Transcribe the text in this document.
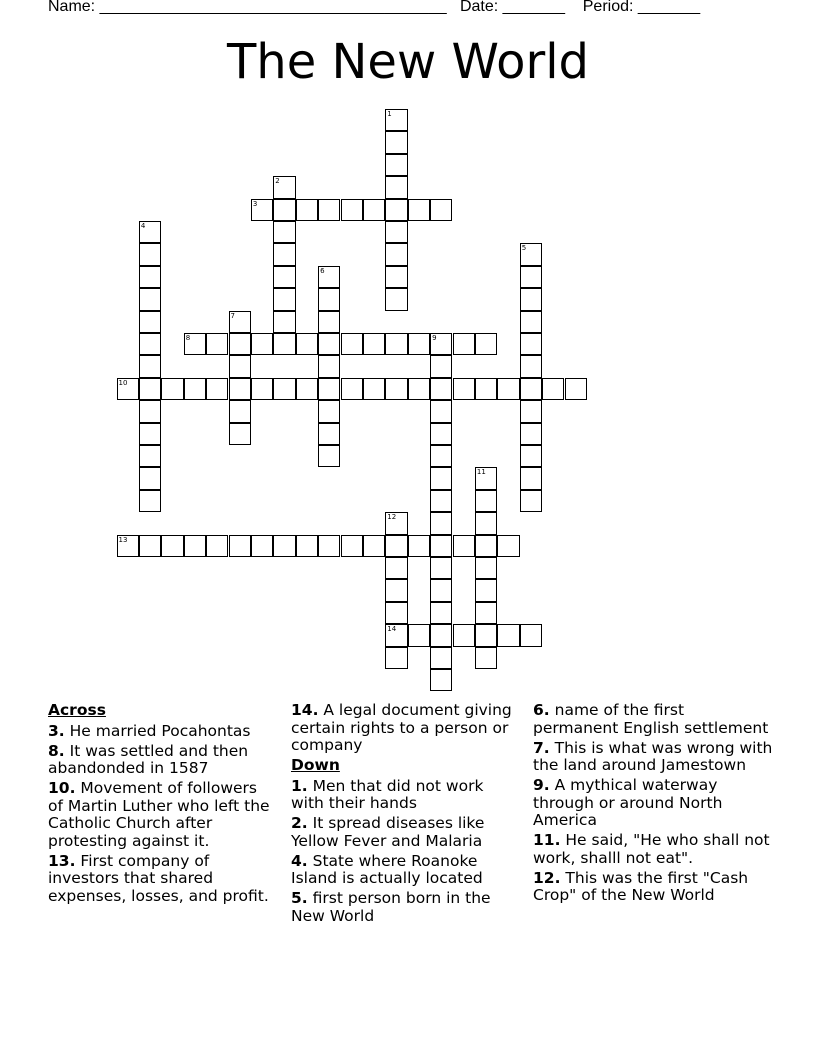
Name: _______________________________________ Date: _______ Period: _______
The New World
1
2
3
4
5
6
7
8	9
10
11
12
14
13
Across
3. He married Pocahontas
8. It was settled and then abandonded in 1587
10. Movement of followers of Martin Luther who left the Catholic Church after protesting against it.
13. First company of investors that shared expenses, losses, and profit.
14. A legal document giving certain rights to a person or company
Down
1. Men that did not work with their hands
2. It spread diseases like Yellow Fever and Malaria
4. State where Roanoke Island is actually located
5. first person born in the New World
6. name of the first permanent English settlement
7. This is what was wrong with the land around Jamestown
9. A mythical waterway through or around North America
11. He said, "He who shall not work, shalll not eat".
12. This was the first "Cash Crop" of the New World
